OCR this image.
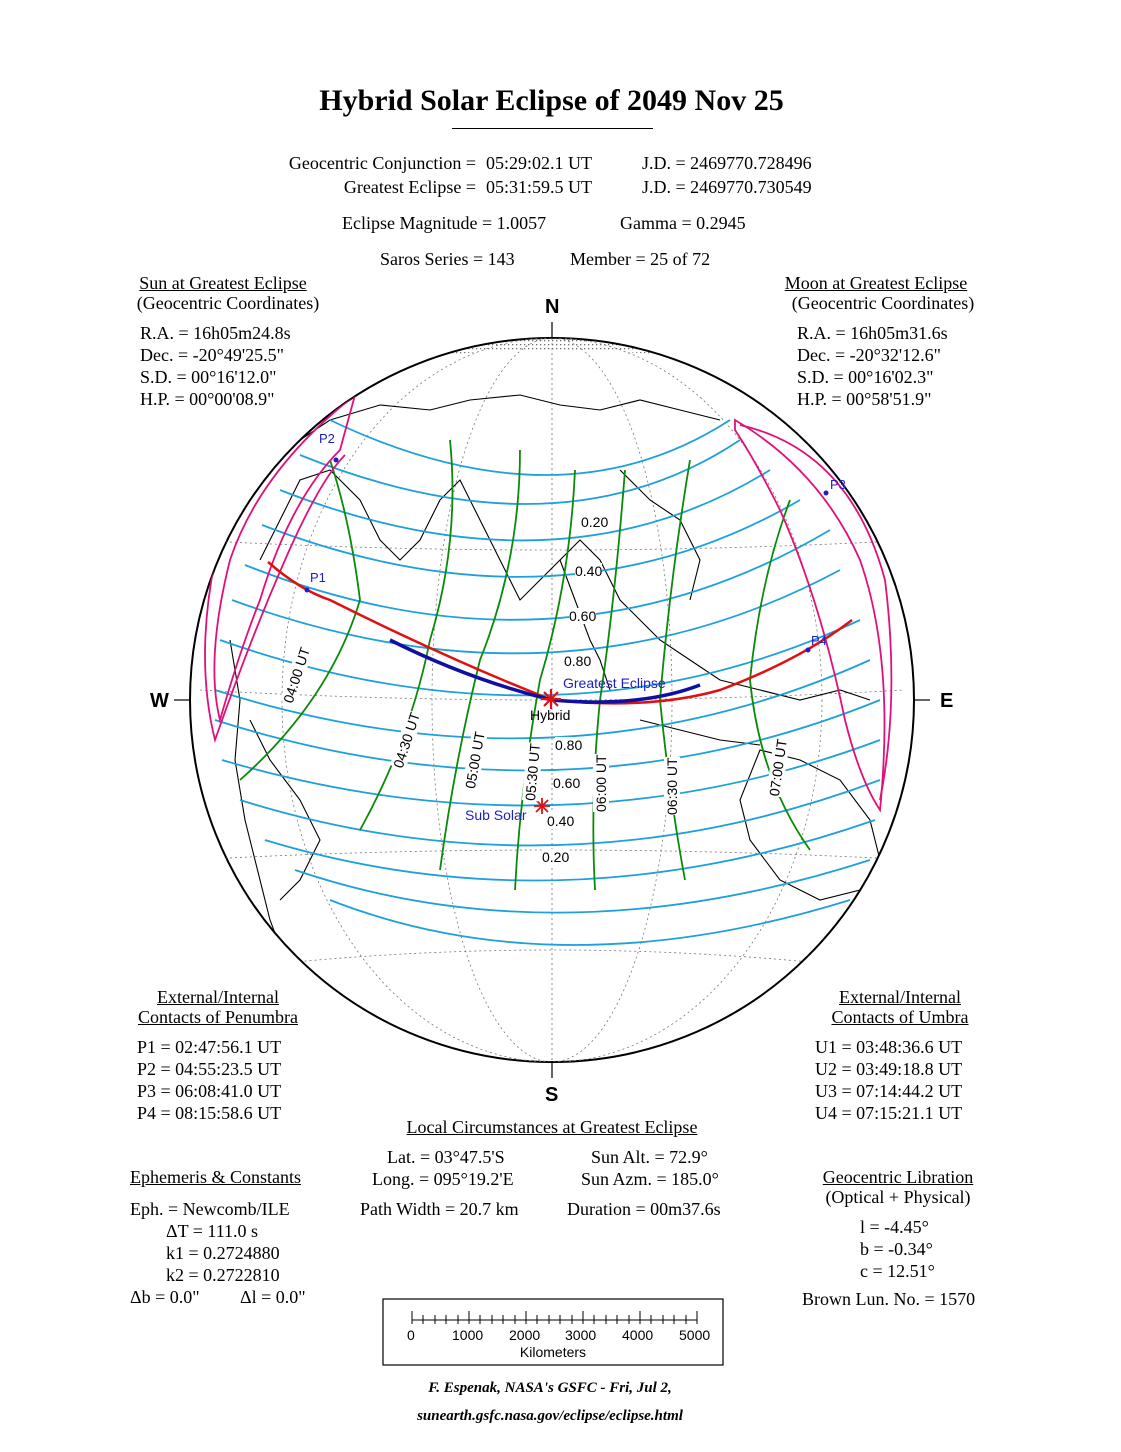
Hybrid Solar Eclipse of 2049 Nov 25
Geocentric Conjunction = 05:29:02.1 UT	J.D. = 2469770.728496
Greatest Eclipse = 05:31:59.5 UT	J.D. = 2469770.730549
Eclipse Magnitude = 1.0057	Gamma = 0.2945
Saros Series = 143	Member = 25 of 72
Sun at Greatest Eclipse
(Geocentric Coordinates)
R.A. = 16h05m24.8s
Dec. = -20°49'25.5"
S.D. = 00°16'12.0"
H.P. = 00°00'08.9"
Moon at Greatest Eclipse
(Geocentric Coordinates)
R.A. = 16h05m31.6s
Dec. = -20°32'12.6"
S.D. = 00°16'02.3"
H.P. = 00°58'51.9"
N
S
W	E
P1
P2
P3
P4
Greatest Eclipse
Hybrid
Sub Solar
0.20
0.40
0.60
0.80
0.80
0.60
0.40
0.20
04:00 UT
04:30 UT	05:00 UT 05:30 UT	06:00 UT	06:30 UT	07:00 UT
External/Internal
Contacts of Penumbra
P1 = 02:47:56.1 UT
P2 = 04:55:23.5 UT
P3 = 06:08:41.0 UT
P4 = 08:15:58.6 UT
External/Internal
Contacts of Umbra
U1 = 03:48:36.6 UT
U2 = 03:49:18.8 UT
U3 = 07:14:44.2 UT
U4 = 07:15:21.1 UT
Local Circumstances at Greatest Eclipse
Lat. = 03°47.5'S
Long. = 095°19.2'E
Sun Alt. = 72.9°
Sun Azm. = 185.0°
Path Width = 20.7 km	Duration = 00m37.6s
Ephemeris & Constants
Eph. = Newcomb/ILE
ΔT = 111.0 s
k1 = 0.2724880
k2 = 0.2722810
Δb = 0.0" Δl = 0.0"
Geocentric Libration
(Optical + Physical)
l = -4.45°
b = -0.34°
c = 12.51°
Brown Lun. No. = 1570
0	1000 2000 3000 4000 5000
Kilometers
F. Espenak, NASA's GSFC - Fri, Jul 2,
sunearth.gsfc.nasa.gov/eclipse/eclipse.html
